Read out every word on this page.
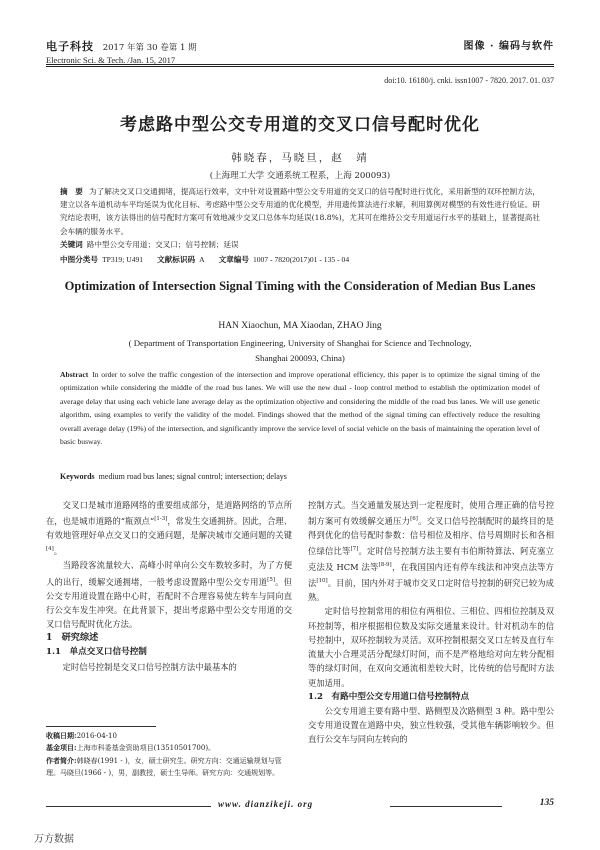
电子科技 2017 年第 30 卷第 1 期
Electronic Sci. & Tech. /Jan. 15, 2017
图像 · 编码与软件
doi:10. 16180/j. cnki. issn1007 - 7820. 2017. 01. 037
考虑路中型公交专用道的交叉口信号配时优化
韩晓春，马晓旦，赵　靖
(上海理工大学 交通系统工程系，上海 200093)
摘　要 为了解决交叉口交通拥堵，提高运行效率，文中针对设置路中型公交专用道的交叉口的信号配时进行优化，采用新型的双环控制方法，建立以各车道机动车平均延误为优化目标、考虑路中型公交专用道的优化模型，并用遗传算法进行求解，利用算例对模型的有效性进行验证。研究结论表明，该方法得出的信号配时方案可有效地减少交叉口总体车均延误(18.8%)，尤其可在维持公交专用道运行水平的基础上，显著提高社会车辆的服务水平。
关键词 路中型公交专用道；交叉口；信号控制；延误
中图分类号 TP319; U491 文献标识码 A 文章编号 1007 - 7820(2017)01 - 135 - 04
Optimization of Intersection Signal Timing with the Consideration of Median Bus Lanes
HAN Xiaochun, MA Xiaodan, ZHAO Jing
( Department of Transportation Engineering, University of Shanghai for Science and Technology,
Shanghai 200093, China)
Abstract In order to solve the traffic congestion of the intersection and improve operational efficiency, this paper is to optimize the signal timing of the optimization while considering the middle of the road bus lanes. We will use the new dual - loop control method to establish the optimization model of average delay that using each vehicle lane average delay as the optimization objective and considering the middle of the road bus lanes. We will use genetic algorithm, using examples to verify the validity of the model. Findings showed that the method of the signal timing can effectively reduce the resulting overall average delay (19%) of the intersection, and significantly improve the service level of social vehicle on the basis of maintaining the operation level of basic busway.
Keywords medium road bus lanes; signal control; intersection; delays

交叉口是城市道路网络的重要组成部分，是道路网络的节点所在，也是城市道路的“瓶颈点”[1-3]，常发生交通拥挤。因此，合理、有效地管理好单点交叉口的交通问题，是解决城市交通问题的关键[4]。

当路段客流量较大、高峰小时单向公交车数较多时，为了方便人的出行，缓解交通拥堵，一般考虑设置路中型公交专用道[5]。但公交专用道设置在路中心时，若配时不合理容易使左转车与同向直行公交车发生冲突。在此背景下，提出考虑路中型公交专用道的交叉口信号配时优化方法。

1　研究综述

1.1　单点交叉口信号控制

定时信号控制是交叉口信号控制方法中最基本的

收稿日期:2016-04-10
基金项目:上海市科委基金资助项目(13510501700)。
作者简介:韩晓春(1991 - )，女，硕士研究生。研究方向：交通运输规划与管理。马晓旦(1966 - )，男，副教授，硕士生导师。研究方向：交通规划等。

控制方式。当交通量发展达到一定程度时，使用合理正确的信号控制方案可有效缓解交通压力[6]。交叉口信号控制配时的最终目的是得到优化的信号配时参数：信号相位及相序、信号周期时长和各相位绿信比等[7]。定时信号控制方法主要有韦伯斯特算法、阿克塞立克法及 HCM 法等[8-9]，在我国国内还有停车线法和冲突点法等方法[10]。目前，国内外对于城市交叉口定时信号控制的研究已较为成熟。

定时信号控制常用的相位有两相位、三相位、四相位控制及双环控制等，相序根据相位数及实际交通量来设计。针对机动车的信号控制中，双环控制较为灵活。双环控制根据交叉口左转及直行车流量大小合理灵活分配绿灯时间，而不是严格地给对向左转分配相等的绿灯时间，在双向交通流相差较大时，比传统的信号配时方法更加适用。

1.2　有路中型公交专用道口信号控制特点

公交专用道主要有路中型、路侧型及次路侧型 3 种。路中型公交专用道设置在道路中央，独立性较强，受其他车辆影响较少。但直行公交车与同向左转向的

www. dianzikeji. org	135
万方数据
